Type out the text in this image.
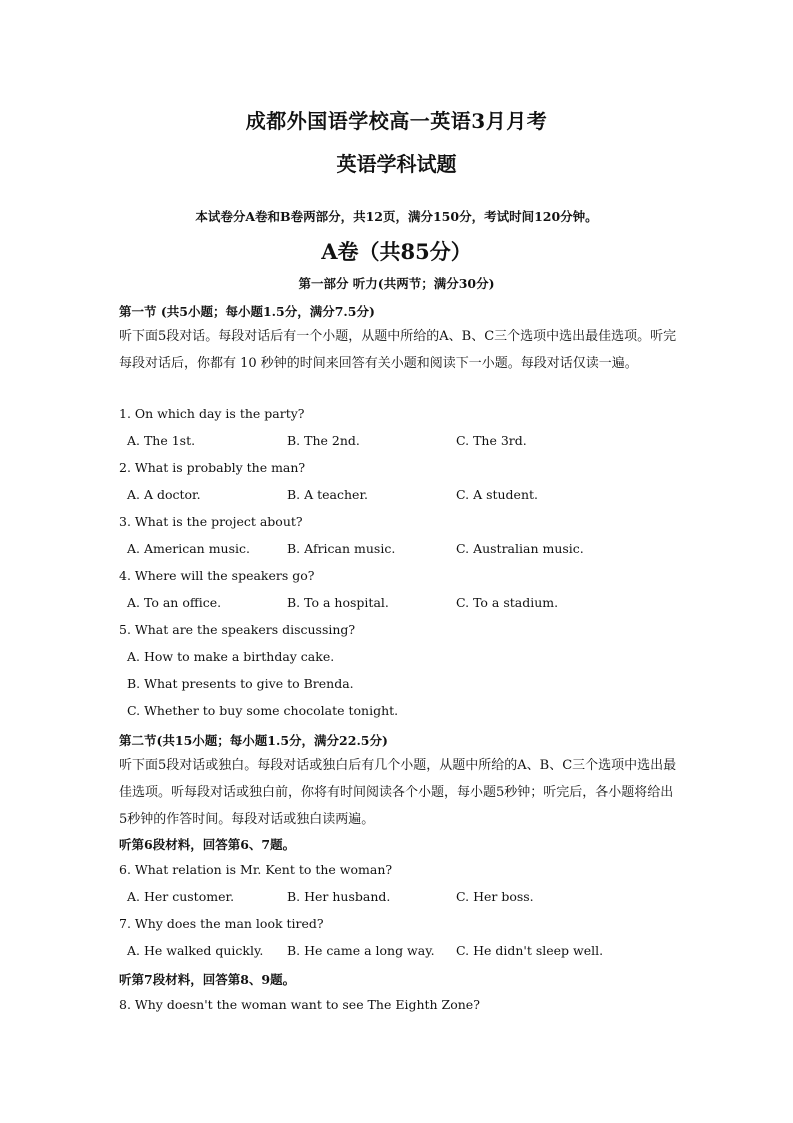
成都外国语学校高一英语3月月考
英语学科试题
本试卷分A卷和B卷两部分，共12页，满分150分，考试时间120分钟。
A卷（共85分）
第一部分 听力(共两节；满分30分)
第一节 (共5小题；每小题1.5分，满分7.5分)
听下面5段对话。每段对话后有一个小题，从题中所给的A、B、C三个选项中选出最佳选项。听完每段对话后，你都有 10 秒钟的时间来回答有关小题和阅读下一小题。每段对话仅读一遍。
1. On which day is the party?
A. The 1st.	B. The 2nd.	C. The 3rd.
2. What is probably the man?
A. A doctor.	B. A teacher.	C. A student.
3. What is the project about?
A. American music.	B. African music.	C. Australian music.
4. Where will the speakers go?
A. To an office.	B. To a hospital.	C. To a stadium.
5. What are the speakers discussing?
A. How to make a birthday cake.
B. What presents to give to Brenda.
C. Whether to buy some chocolate tonight.
第二节(共15小题；每小题1.5分，满分22.5分)
听下面5段对话或独白。每段对话或独白后有几个小题，从题中所给的A、B、C三个选项中选出最佳选项。听每段对话或独白前，你将有时间阅读各个小题，每小题5秒钟；听完后，各小题将给出5秒钟的作答时间。每段对话或独白读两遍。
听第6段材料，回答第6、7题。
6. What relation is Mr. Kent to the woman?
A. Her customer.	B. Her husband.	C. Her boss.
7. Why does the man look tired?
A. He walked quickly. B. He came a long way. C. He didn't sleep well.
听第7段材料，回答第8、9题。
8. Why doesn't the woman want to see The Eighth Zone?
